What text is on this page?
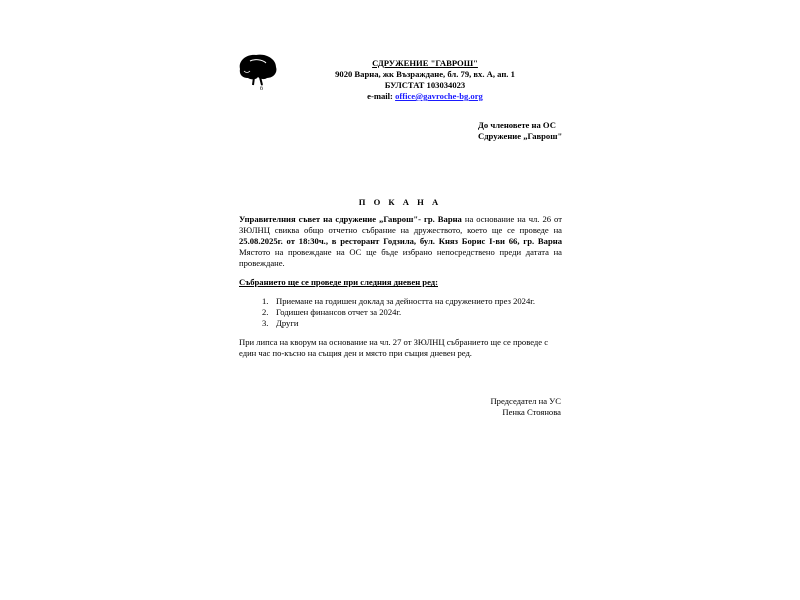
б
СДРУЖЕНИЕ "ГАВРОШ"
9020 Варна, жк Възраждане, бл. 79, вх. А, ап. 1
БУЛСТАТ 103034023
e-mail: office@gavroche-bg.org
До членовете на ОС
Сдружение „Гаврош"
П О К А Н А
Управителния съвет на сдружение „Гаврош"- гр. Варна на основание на чл. 26 от ЗЮЛНЦ свиква общо отчетно събрание на дружеството, което ще се проведе на 25.08.2025г. от 18:30ч., в ресторант Годзила, бул. Княз Борис I-ви 66, гр. Варна Мястото на провеждане на ОС ще бъде избрано непосредствено преди датата на провеждане.
Събранието ще се проведе при следния дневен ред:
1. Приемане на годишен доклад за дейността на сдружението през 2024г.
2. Годишен финансов отчет за 2024г.
3. Други
При липса на кворум на основание на чл. 27 от ЗЮЛНЦ събранието ще се проведе с един час по-късно на същия ден и място при същия дневен ред.
Председател на УС
Пенка Стоянова
